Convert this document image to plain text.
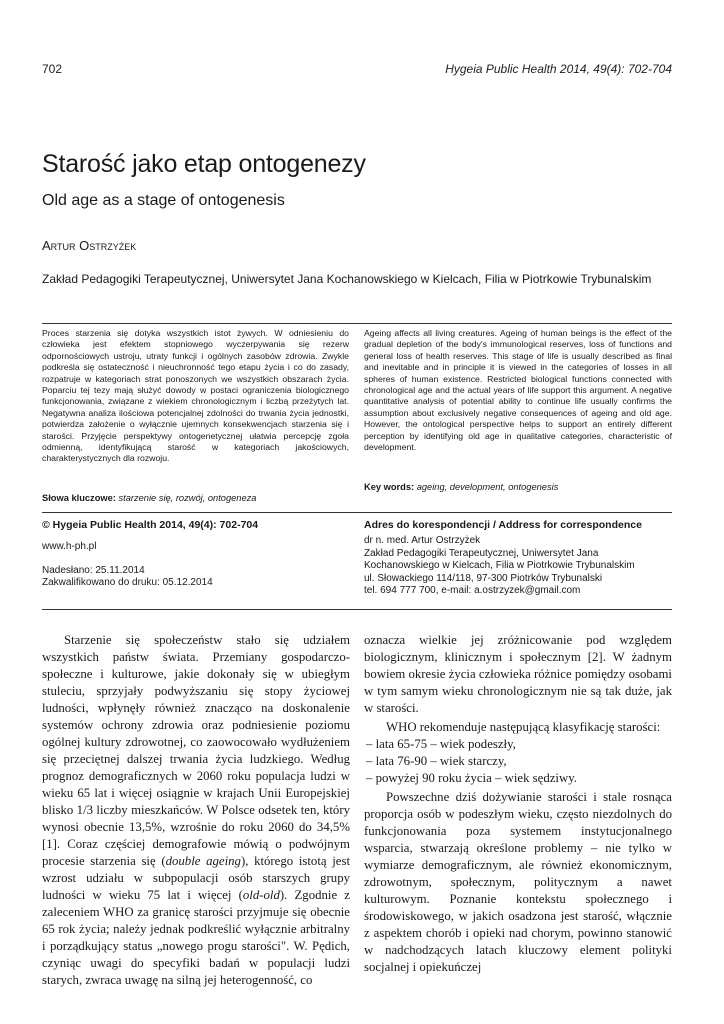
702	Hygeia Public Health 2014, 49(4): 702-704
Starość jako etap ontogenezy
Old age as a stage of ontogenesis
Artur Ostrzyżek
Zakład Pedagogiki Terapeutycznej, Uniwersytet Jana Kochanowskiego w Kielcach, Filia w Piotrkowie Trybunalskim
Proces starzenia się dotyka wszystkich istot żywych. W odniesieniu do człowieka jest efektem stopniowego wyczerpywania się rezerw odpornościowych ustroju, utraty funkcji i ogólnych zasobów zdrowia. Zwykle podkreśla się ostateczność i nieuchronność tego etapu życia i co do zasady, rozpatruje w kategoriach strat ponoszonych we wszystkich obszarach życia. Poparciu tej tezy mają służyć dowody w postaci ograniczenia biologicznego funkcjonowania, związane z wiekiem chronologicznym i liczbą przeżytych lat. Negatywna analiza ilościowa potencjalnej zdolności do trwania życia jednostki, potwierdza założenie o wyłącznie ujemnych konsekwencjach starzenia się i starości. Przyjęcie perspektywy ontogenetycznej ułatwia percepcję zgoła odmienną, identyfikującą starość w kategoriach jakościowych, charakterystycznych dla rozwoju.
Słowa kluczowe: starzenie się, rozwój, ontogeneza
Ageing affects all living creatures. Ageing of human beings is the effect of the gradual depletion of the body's immunological reserves, loss of functions and general loss of health reserves. This stage of life is usually described as final and inevitable and in principle it is viewed in the categories of losses in all spheres of human existence. Restricted biological functions connected with chronological age and the actual years of life support this argument. A negative quantitative analysis of potential ability to continue life usually confirms the assumption about exclusively negative consequences of ageing and old age. However, the ontological perspective helps to support an entirely different perception by identifying old age in qualitative categories, characteristic of development.
Key words: ageing, development, ontogenesis
© Hygeia Public Health 2014, 49(4): 702-704
www.h-ph.pl
Nadesłano: 25.11.2014
Zakwalifikowano do druku: 05.12.2014
Adres do korespondencji / Address for correspondence
dr n. med. Artur Ostrzyżek
Zakład Pedagogiki Terapeutycznej, Uniwersytet Jana
Kochanowskiego w Kielcach, Filia w Piotrkowie Trybunalskim
ul. Słowackiego 114/118, 97-300 Piotrków Trybunalski
tel. 694 777 700, e-mail: a.ostrzyzek@gmail.com

Starzenie się społeczeństw stało się udziałem wszystkich państw świata. Przemiany gospodarczo-społeczne i kulturowe, jakie dokonały się w ubiegłym stuleciu, sprzyjały podwyższaniu się stopy życiowej ludności, wpłynęły również znacząco na doskonalenie systemów ochrony zdrowia oraz podniesienie poziomu ogólnej kultury zdrowotnej, co zaowocowało wydłużeniem się przeciętnej dalszej trwania życia ludzkiego. Według prognoz demograficznych w 2060 roku populacja ludzi w wieku 65 lat i więcej osiągnie w krajach Unii Europejskiej blisko 1/3 liczby mieszkańców. W Polsce odsetek ten, który wynosi obecnie 13,5%, wzrośnie do roku 2060 do 34,5% [1]. Coraz częściej demografowie mówią o podwójnym procesie starzenia się (double ageing), którego istotą jest wzrost udziału w subpopulacji osób starszych grupy ludności w wieku 75 lat i więcej (old-old). Zgodnie z zaleceniem WHO za granicę starości przyjmuje się obecnie 65 rok życia; należy jednak podkreślić wyłącznie arbitralny i porządkujący status „nowego progu starości". W. Pędich, czyniąc uwagi do specyfiki badań w populacji ludzi starych, zwraca uwagę na silną jej heterogenność, co

oznacza wielkie jej zróżnicowanie pod względem biologicznym, klinicznym i społecznym [2]. W żadnym bowiem okresie życia człowieka różnice pomiędzy osobami w tym samym wieku chronologicznym nie są tak duże, jak w starości.

WHO rekomenduje następującą klasyfikację starości:

– lata 65-75 – wiek podeszły,
– lata 76-90 – wiek starczy,
– powyżej 90 roku życia – wiek sędziwy.

Powszechne dziś dożywianie starości i stale rosnąca proporcja osób w podeszłym wieku, często niezdolnych do funkcjonowania poza systemem instytucjonalnego wsparcia, stwarzają określone problemy – nie tylko w wymiarze demograficznym, ale również ekonomicznym, zdrowotnym, społecznym, politycznym a nawet kulturowym. Poznanie kontekstu społecznego i środowiskowego, w jakich osadzona jest starość, włącznie z aspektem chorób i opieki nad chorym, powinno stanowić w nadchodzących latach kluczowy element polityki socjalnej i opiekuńczej
